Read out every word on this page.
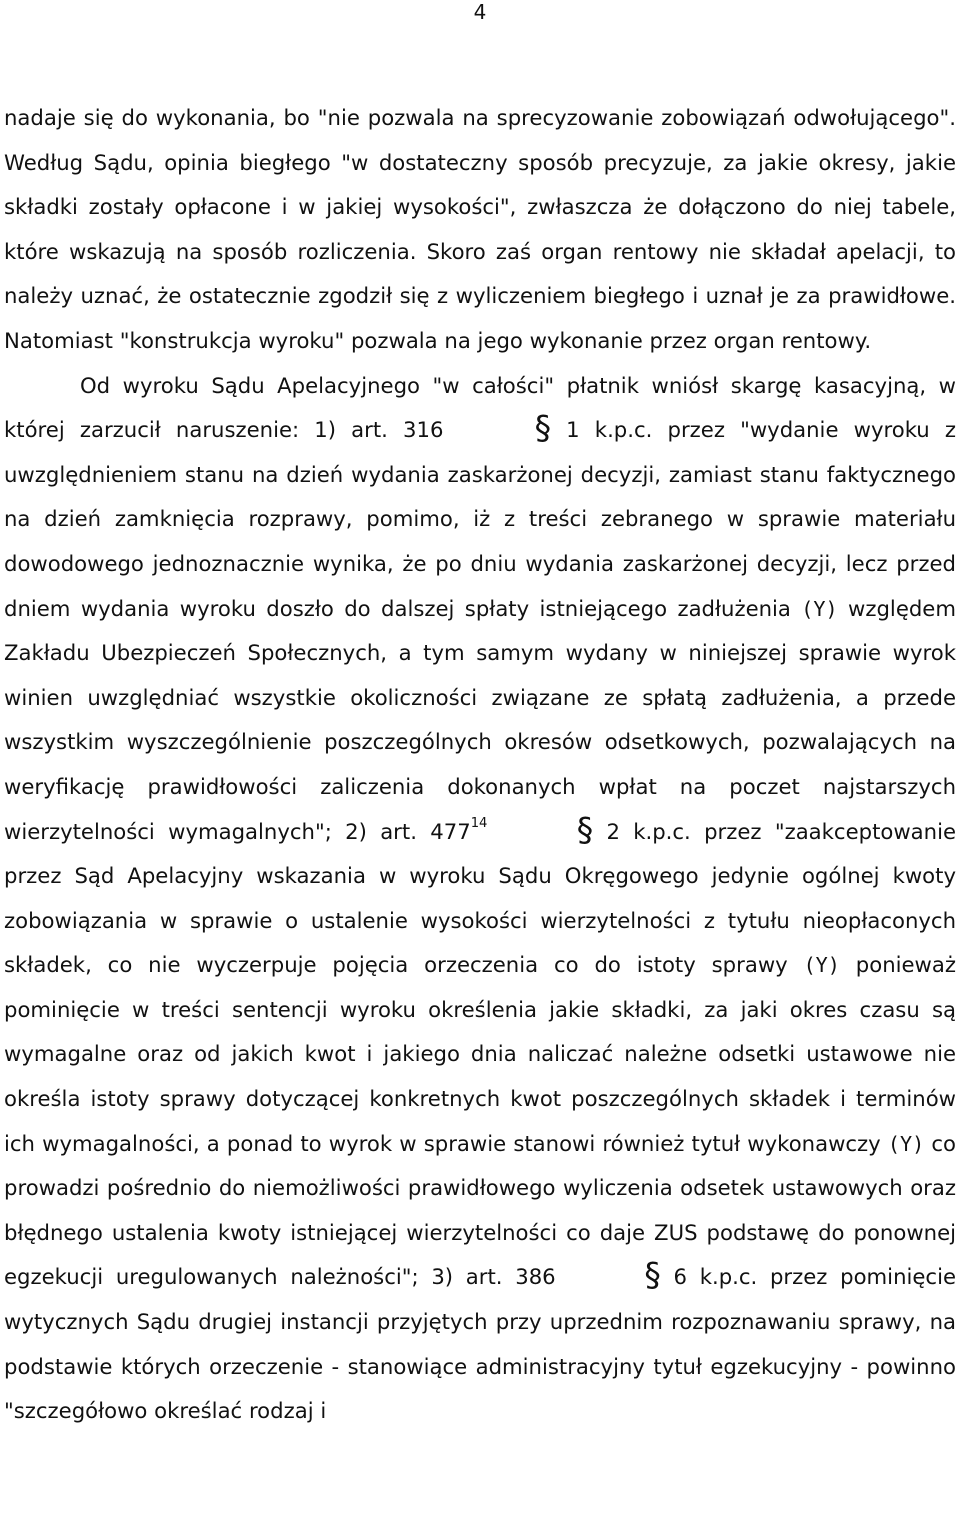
4

nadaje się do wykonania, bo "nie pozwala na sprecyzowanie zobowiązań odwołującego". Według Sądu, opinia biegłego "w dostateczny sposób precyzuje, za jakie okresy, jakie składki zostały opłacone i w jakiej wysokości", zwłaszcza że dołączono do niej tabele, które wskazują na sposób rozliczenia. Skoro zaś organ rentowy nie składał apelacji, to należy uznać, że ostatecznie zgodził się z wyliczeniem biegłego i uznał je za prawidłowe. Natomiast "konstrukcja wyroku" pozwala na jego wykonanie przez organ rentowy.

Od wyroku Sądu Apelacyjnego "w całości" płatnik wniósł skargę kasacyjną, w której zarzucił naruszenie: 1) art. 316 § 1 k.p.c. przez "wydanie wyroku z uwzględnieniem stanu na dzień wydania zaskarżonej decyzji, zamiast stanu faktycznego na dzień zamknięcia rozprawy, pomimo, iż z treści zebranego w sprawie materiału dowodowego jednoznacznie wynika, że po dniu wydania zaskarżonej decyzji, lecz przed dniem wydania wyroku doszło do dalszej spłaty istniejącego zadłużenia (Y) względem Zakładu Ubezpieczeń Społecznych, a tym samym wydany w niniejszej sprawie wyrok winien uwzględniać wszystkie okoliczności związane ze spłatą zadłużenia, a przede wszystkim wyszczególnienie poszczególnych okresów odsetkowych, pozwalających na weryfikację prawidłowości zaliczenia dokonanych wpłat na poczet najstarszych wierzytelności wymagalnych"; 2) art. $477^{14}$	§ 2 k.p.c. przez "zaakceptowanie przez Sąd Apelacyjny wskazania w wyroku Sądu Okręgowego jedynie ogólnej kwoty zobowiązania w sprawie o ustalenie wysokości wierzytelności z tytułu nieopłaconych składek, co nie wyczerpuje pojęcia orzeczenia co do istoty sprawy (Y) ponieważ pominięcie w treści sentencji wyroku określenia jakie składki, za jaki okres czasu są wymagalne oraz od jakich kwot i jakiego dnia naliczać należne odsetki ustawowe nie określa istoty sprawy dotyczącej konkretnych kwot poszczególnych składek i terminów ich wymagalności, a ponad to wyrok w sprawie stanowi również tytuł wykonawczy (Y) co prowadzi pośrednio do niemożliwości prawidłowego wyliczenia odsetek ustawowych oraz błędnego ustalenia kwoty istniejącej wierzytelności co daje ZUS podstawę do ponownej egzekucji uregulowanych należności"; 3) art. 386 § 6 k.p.c. przez pominięcie wytycznych Sądu drugiej instancji przyjętych przy uprzednim rozpoznawaniu sprawy, na podstawie których orzeczenie - stanowiące administracyjny tytuł egzekucyjny - powinno "szczegółowo określać rodzaj i
